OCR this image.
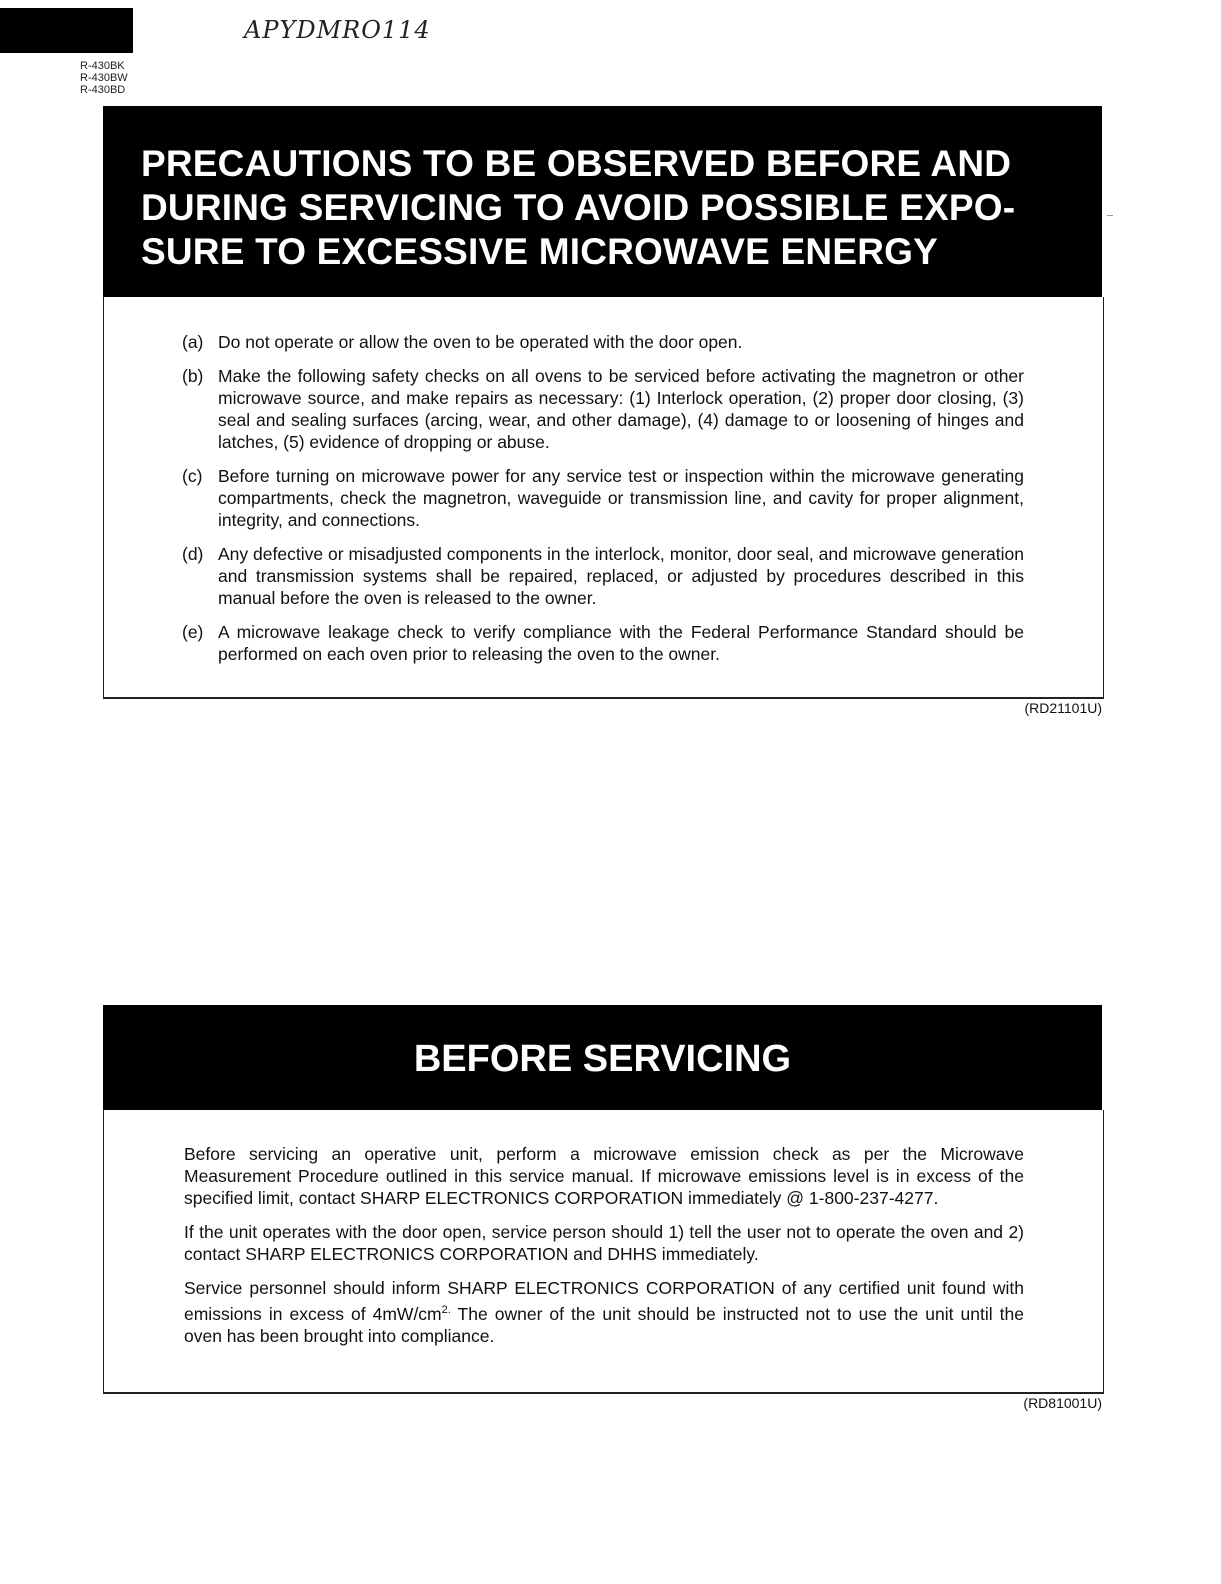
APYDMRO114
R-430BK
R-430BW
R-430BD
PRECAUTIONS TO BE OBSERVED BEFORE AND
DURING SERVICING TO AVOID POSSIBLE EXPO-
SURE TO EXCESSIVE MICROWAVE ENERGY
(a) Do not operate or allow the oven to be operated with the door open.
(b) Make the following safety checks on all ovens to be serviced before activating the magnetron or other microwave source, and make repairs as necessary: (1) Interlock operation, (2) proper door closing, (3) seal and sealing surfaces (arcing, wear, and other damage), (4) damage to or loosening of hinges and latches, (5) evidence of dropping or abuse.
(c) Before turning on microwave power for any service test or inspection within the microwave generating compartments, check the magnetron, waveguide or transmission line, and cavity for proper alignment, integrity, and connections.
(d) Any defective or misadjusted components in the interlock, monitor, door seal, and microwave generation and transmission systems shall be repaired, replaced, or adjusted by procedures described in this manual before the oven is released to the owner.
(e) A microwave leakage check to verify compliance with the Federal Performance Standard should be performed on each oven prior to releasing the oven to the owner.
(RD21101U)
BEFORE SERVICING
Before servicing an operative unit, perform a microwave emission check as per the Microwave Measurement Procedure outlined in this service manual. If microwave emissions level is in excess of the specified limit, contact SHARP ELECTRONICS CORPORATION immediately @ 1-800-237-4277.
If the unit operates with the door open, service person should 1) tell the user not to operate the oven and 2) contact SHARP ELECTRONICS CORPORATION and DHHS immediately.
Service personnel should inform SHARP ELECTRONICS CORPORATION of any certified unit found with emissions in excess of $4mW/cm^{2.}$ The owner of the unit should be instructed not to use the unit until the oven has been brought into compliance.
(RD81001U)
